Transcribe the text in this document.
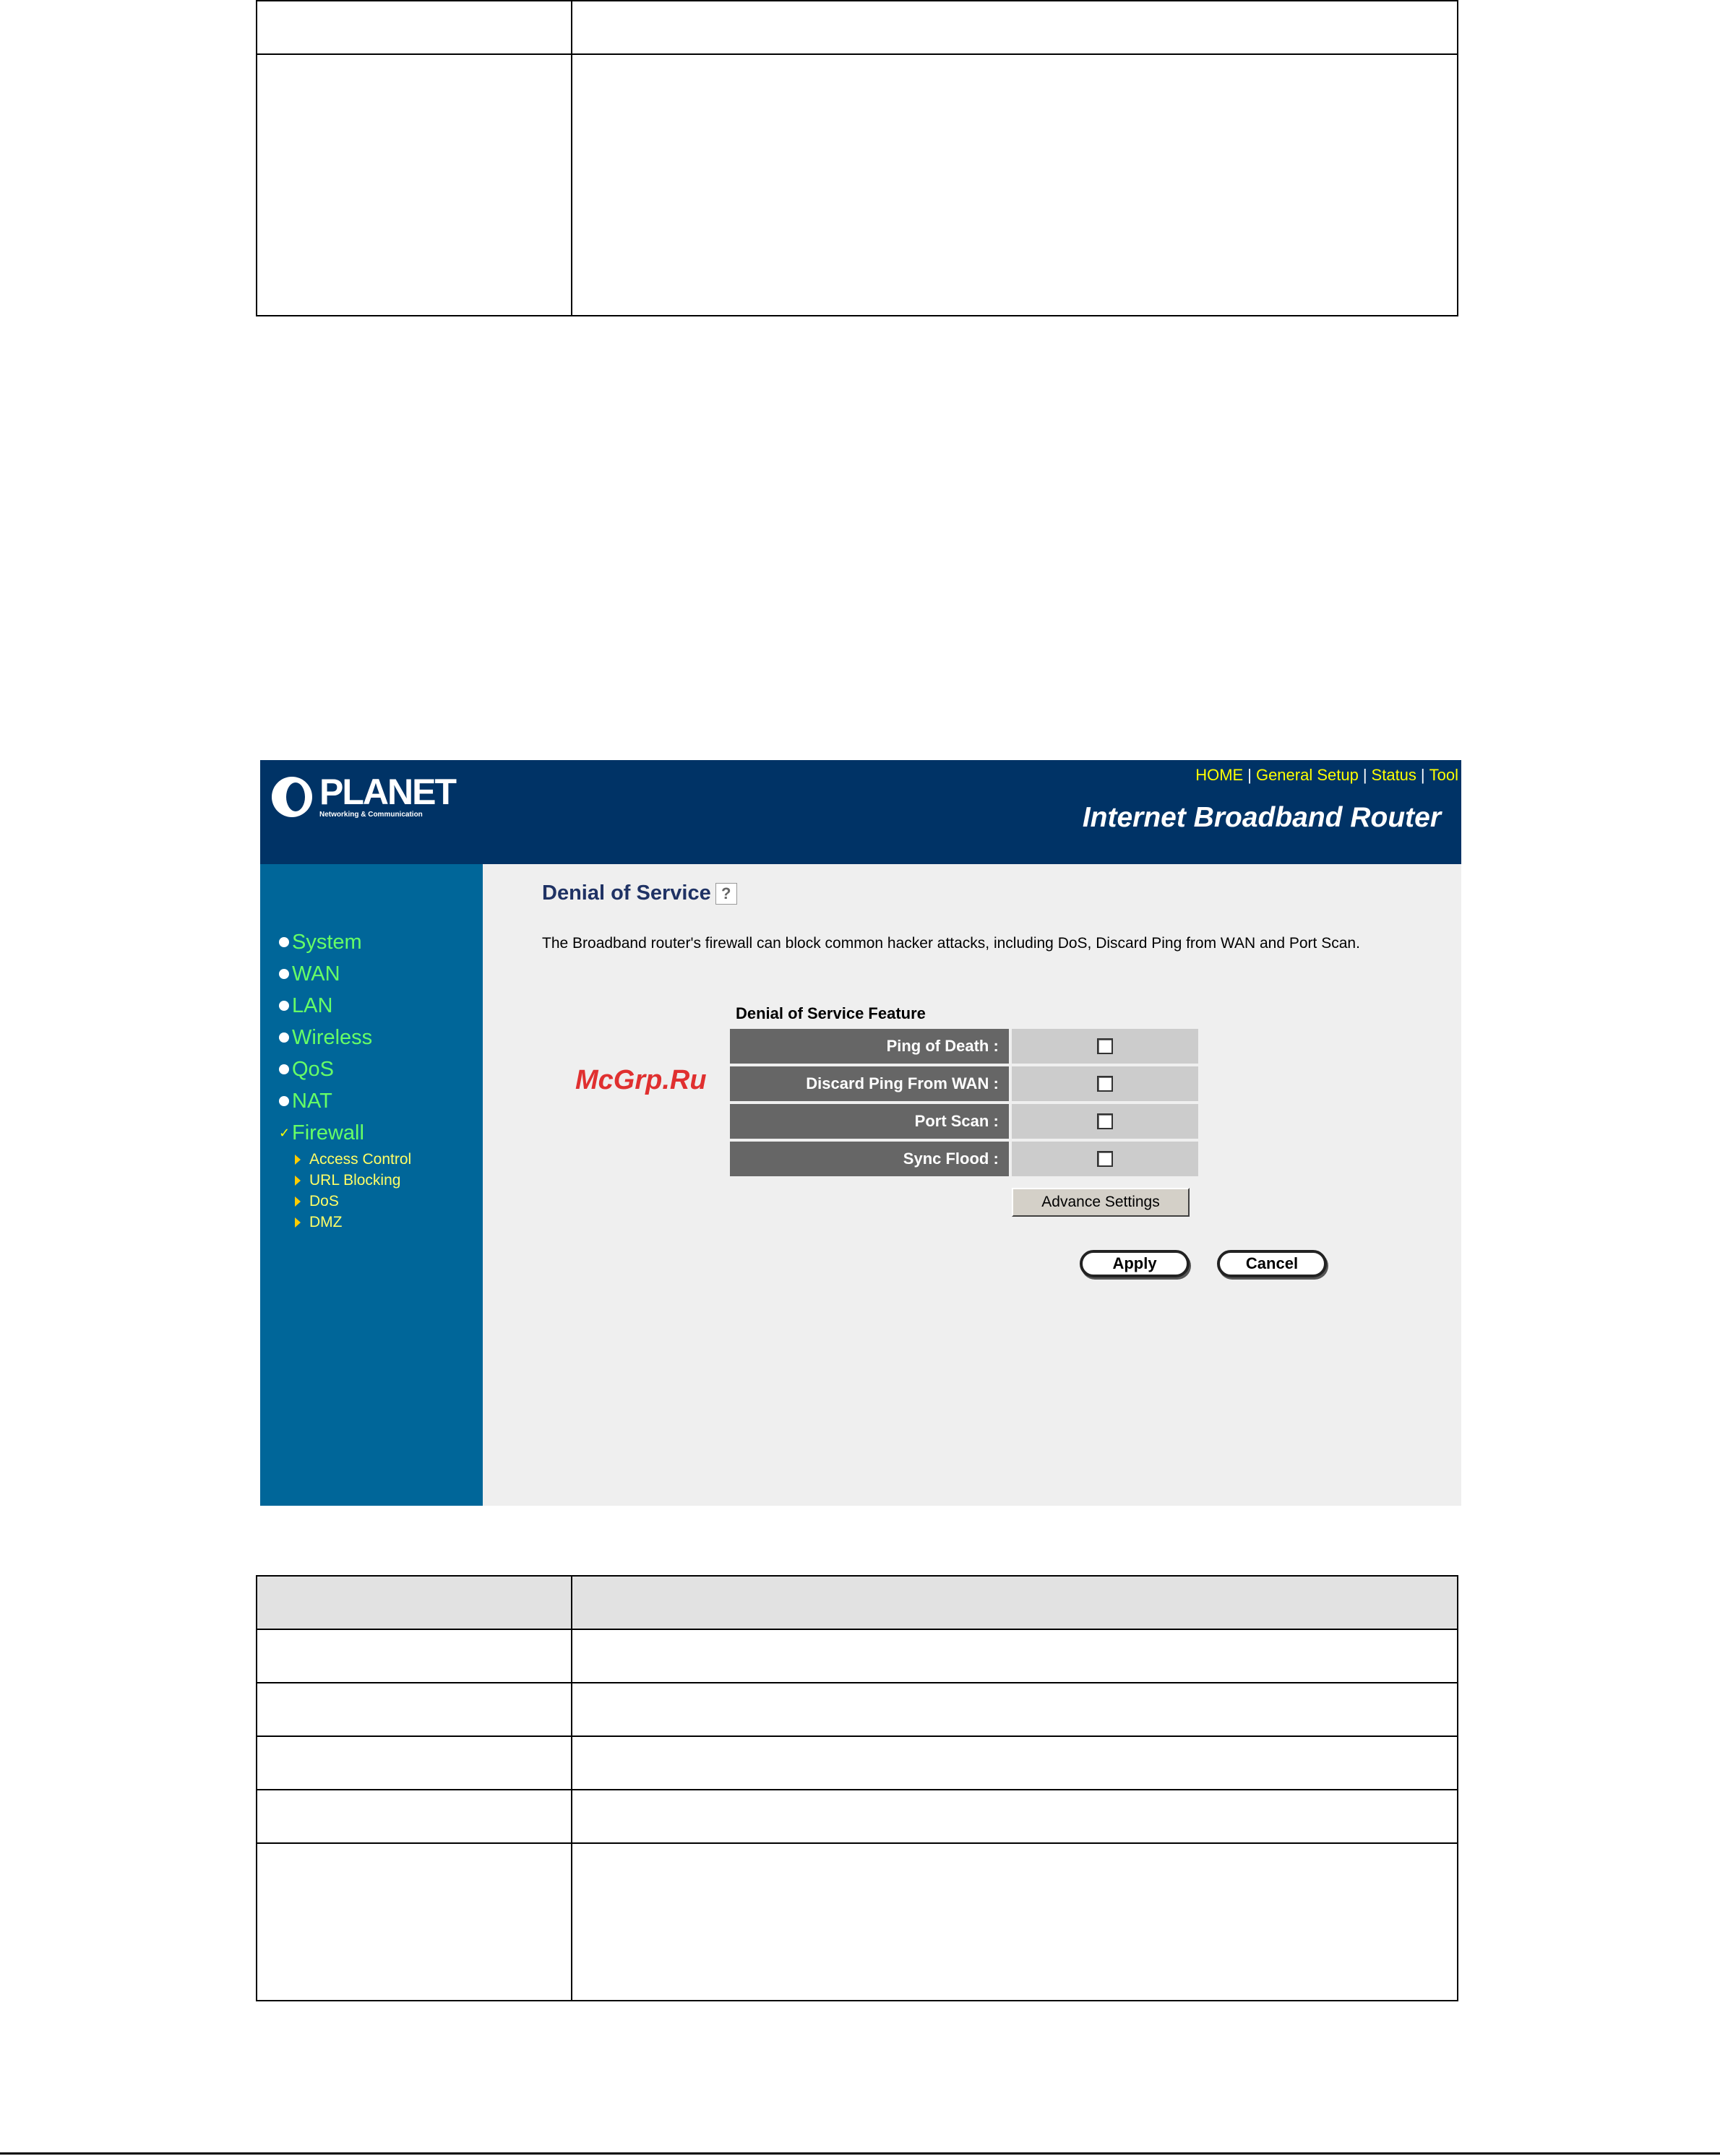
PLANET
Networking & Communication
HOME | General Setup | Status | Tool
Internet Broadband Router
System
WAN
LAN
Wireless
QoS
NAT
✓ Firewall
Access Control
URL Blocking
DoS
DMZ
Denial of Service ?
The Broadband router's firewall can block common hacker attacks, including DoS, Discard Ping from WAN and Port Scan.
Denial of Service Feature
Ping of Death :	
Discard Ping From WAN :	
Port Scan :	
Sync Flood :	
Advance Settings
Apply	Cancel
McGrp.Ru
